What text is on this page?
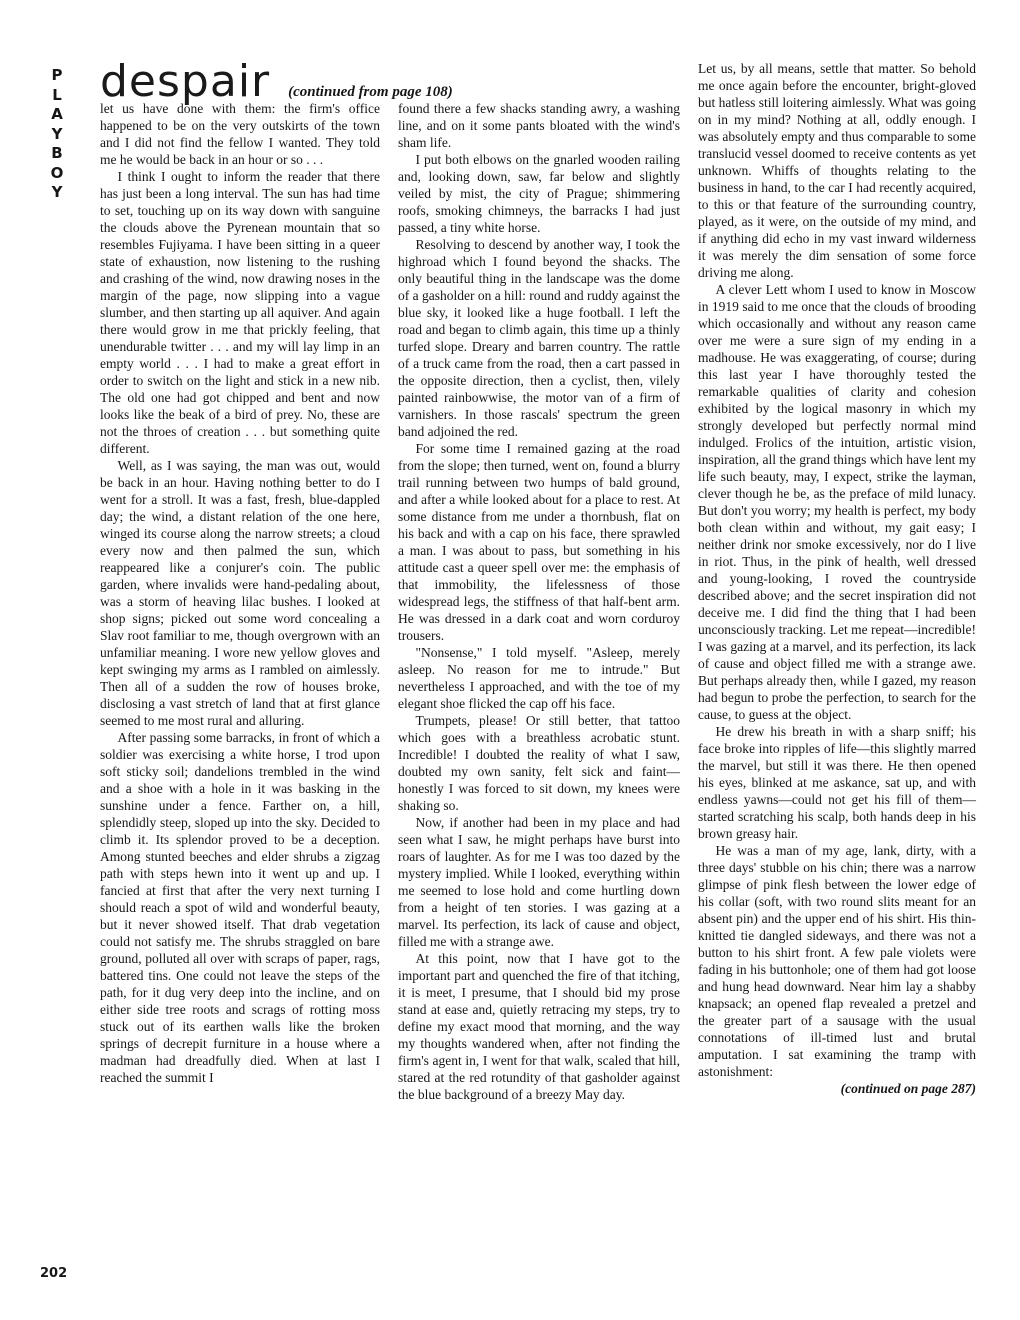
P
L
A
Y
B
O
Y
despair (continued from page 108)

let us have done with them: the firm's office happened to be on the very outskirts of the town and I did not find the fellow I wanted. They told me he would be back in an hour or so . . .

I think I ought to inform the reader that there has just been a long interval. The sun has had time to set, touching up on its way down with sanguine the clouds above the Pyrenean mountain that so resembles Fujiyama. I have been sitting in a queer state of exhaustion, now listening to the rushing and crashing of the wind, now drawing noses in the margin of the page, now slipping into a vague slumber, and then starting up all aquiver. And again there would grow in me that prickly feeling, that unendurable twitter . . . and my will lay limp in an empty world . . . I had to make a great effort in order to switch on the light and stick in a new nib. The old one had got chipped and bent and now looks like the beak of a bird of prey. No, these are not the throes of creation . . . but something quite different.

Well, as I was saying, the man was out, would be back in an hour. Having nothing better to do I went for a stroll. It was a fast, fresh, blue-dappled day; the wind, a distant relation of the one here, winged its course along the narrow streets; a cloud every now and then palmed the sun, which reappeared like a conjurer's coin. The public garden, where invalids were hand-pedaling about, was a storm of heaving lilac bushes. I looked at shop signs; picked out some word concealing a Slav root familiar to me, though overgrown with an unfamiliar meaning. I wore new yellow gloves and kept swinging my arms as I rambled on aimlessly. Then all of a sudden the row of houses broke, disclosing a vast stretch of land that at first glance seemed to me most rural and alluring.

After passing some barracks, in front of which a soldier was exercising a white horse, I trod upon soft sticky soil; dandelions trembled in the wind and a shoe with a hole in it was basking in the sunshine under a fence. Farther on, a hill, splendidly steep, sloped up into the sky. Decided to climb it. Its splendor proved to be a deception. Among stunted beeches and elder shrubs a zigzag path with steps hewn into it went up and up. I fancied at first that after the very next turning I should reach a spot of wild and wonderful beauty, but it never showed itself. That drab vegetation could not satisfy me. The shrubs straggled on bare ground, polluted all over with scraps of paper, rags, battered tins. One could not leave the steps of the path, for it dug very deep into the incline, and on either side tree roots and scrags of rotting moss stuck out of its earthen walls like the broken springs of decrepit furniture in a house where a madman had dreadfully died. When at last I reached the summit I

found there a few shacks standing awry, a washing line, and on it some pants bloated with the wind's sham life.

I put both elbows on the gnarled wooden railing and, looking down, saw, far below and slightly veiled by mist, the city of Prague; shimmering roofs, smoking chimneys, the barracks I had just passed, a tiny white horse.

Resolving to descend by another way, I took the highroad which I found beyond the shacks. The only beautiful thing in the landscape was the dome of a gasholder on a hill: round and ruddy against the blue sky, it looked like a huge football. I left the road and began to climb again, this time up a thinly turfed slope. Dreary and barren country. The rattle of a truck came from the road, then a cart passed in the opposite direction, then a cyclist, then, vilely painted rainbowwise, the motor van of a firm of varnishers. In those rascals' spectrum the green band adjoined the red.

For some time I remained gazing at the road from the slope; then turned, went on, found a blurry trail running between two humps of bald ground, and after a while looked about for a place to rest. At some distance from me under a thornbush, flat on his back and with a cap on his face, there sprawled a man. I was about to pass, but something in his attitude cast a queer spell over me: the emphasis of that immobility, the lifelessness of those widespread legs, the stiffness of that half-bent arm. He was dressed in a dark coat and worn corduroy trousers.

"Nonsense," I told myself. "Asleep, merely asleep. No reason for me to intrude." But nevertheless I approached, and with the toe of my elegant shoe flicked the cap off his face.

Trumpets, please! Or still better, that tattoo which goes with a breathless acrobatic stunt. Incredible! I doubted the reality of what I saw, doubted my own sanity, felt sick and faint—honestly I was forced to sit down, my knees were shaking so.

Now, if another had been in my place and had seen what I saw, he might perhaps have burst into roars of laughter. As for me I was too dazed by the mystery implied. While I looked, everything within me seemed to lose hold and come hurtling down from a height of ten stories. I was gazing at a marvel. Its perfection, its lack of cause and object, filled me with a strange awe.

At this point, now that I have got to the important part and quenched the fire of that itching, it is meet, I presume, that I should bid my prose stand at ease and, quietly retracing my steps, try to define my exact mood that morning, and the way my thoughts wandered when, after not finding the firm's agent in, I went for that walk, scaled that hill, stared at the red rotundity of that gasholder against the blue background of a breezy May day.

Let us, by all means, settle that matter. So behold me once again before the encounter, bright-gloved but hatless still loitering aimlessly. What was going on in my mind? Nothing at all, oddly enough. I was absolutely empty and thus comparable to some translucid vessel doomed to receive contents as yet unknown. Whiffs of thoughts relating to the business in hand, to the car I had recently acquired, to this or that feature of the surrounding country, played, as it were, on the outside of my mind, and if anything did echo in my vast inward wilderness it was merely the dim sensation of some force driving me along.

A clever Lett whom I used to know in Moscow in 1919 said to me once that the clouds of brooding which occasionally and without any reason came over me were a sure sign of my ending in a madhouse. He was exaggerating, of course; during this last year I have thoroughly tested the remarkable qualities of clarity and cohesion exhibited by the logical masonry in which my strongly developed but perfectly normal mind indulged. Frolics of the intuition, artistic vision, inspiration, all the grand things which have lent my life such beauty, may, I expect, strike the layman, clever though he be, as the preface of mild lunacy. But don't you worry; my health is perfect, my body both clean within and without, my gait easy; I neither drink nor smoke excessively, nor do I live in riot. Thus, in the pink of health, well dressed and young-looking, I roved the countryside described above; and the secret inspiration did not deceive me. I did find the thing that I had been unconsciously tracking. Let me repeat—incredible! I was gazing at a marvel, and its perfection, its lack of cause and object filled me with a strange awe. But perhaps already then, while I gazed, my reason had begun to probe the perfection, to search for the cause, to guess at the object.

He drew his breath in with a sharp sniff; his face broke into ripples of life—this slightly marred the marvel, but still it was there. He then opened his eyes, blinked at me askance, sat up, and with endless yawns—could not get his fill of them—started scratching his scalp, both hands deep in his brown greasy hair.

He was a man of my age, lank, dirty, with a three days' stubble on his chin; there was a narrow glimpse of pink flesh between the lower edge of his collar (soft, with two round slits meant for an absent pin) and the upper end of his shirt. His thin-knitted tie dangled sideways, and there was not a button to his shirt front. A few pale violets were fading in his buttonhole; one of them had got loose and hung head downward. Near him lay a shabby knapsack; an opened flap revealed a pretzel and the greater part of a sausage with the usual connotations of ill-timed lust and brutal amputation. I sat examining the tramp with astonishment:

(continued on page 287)

202
